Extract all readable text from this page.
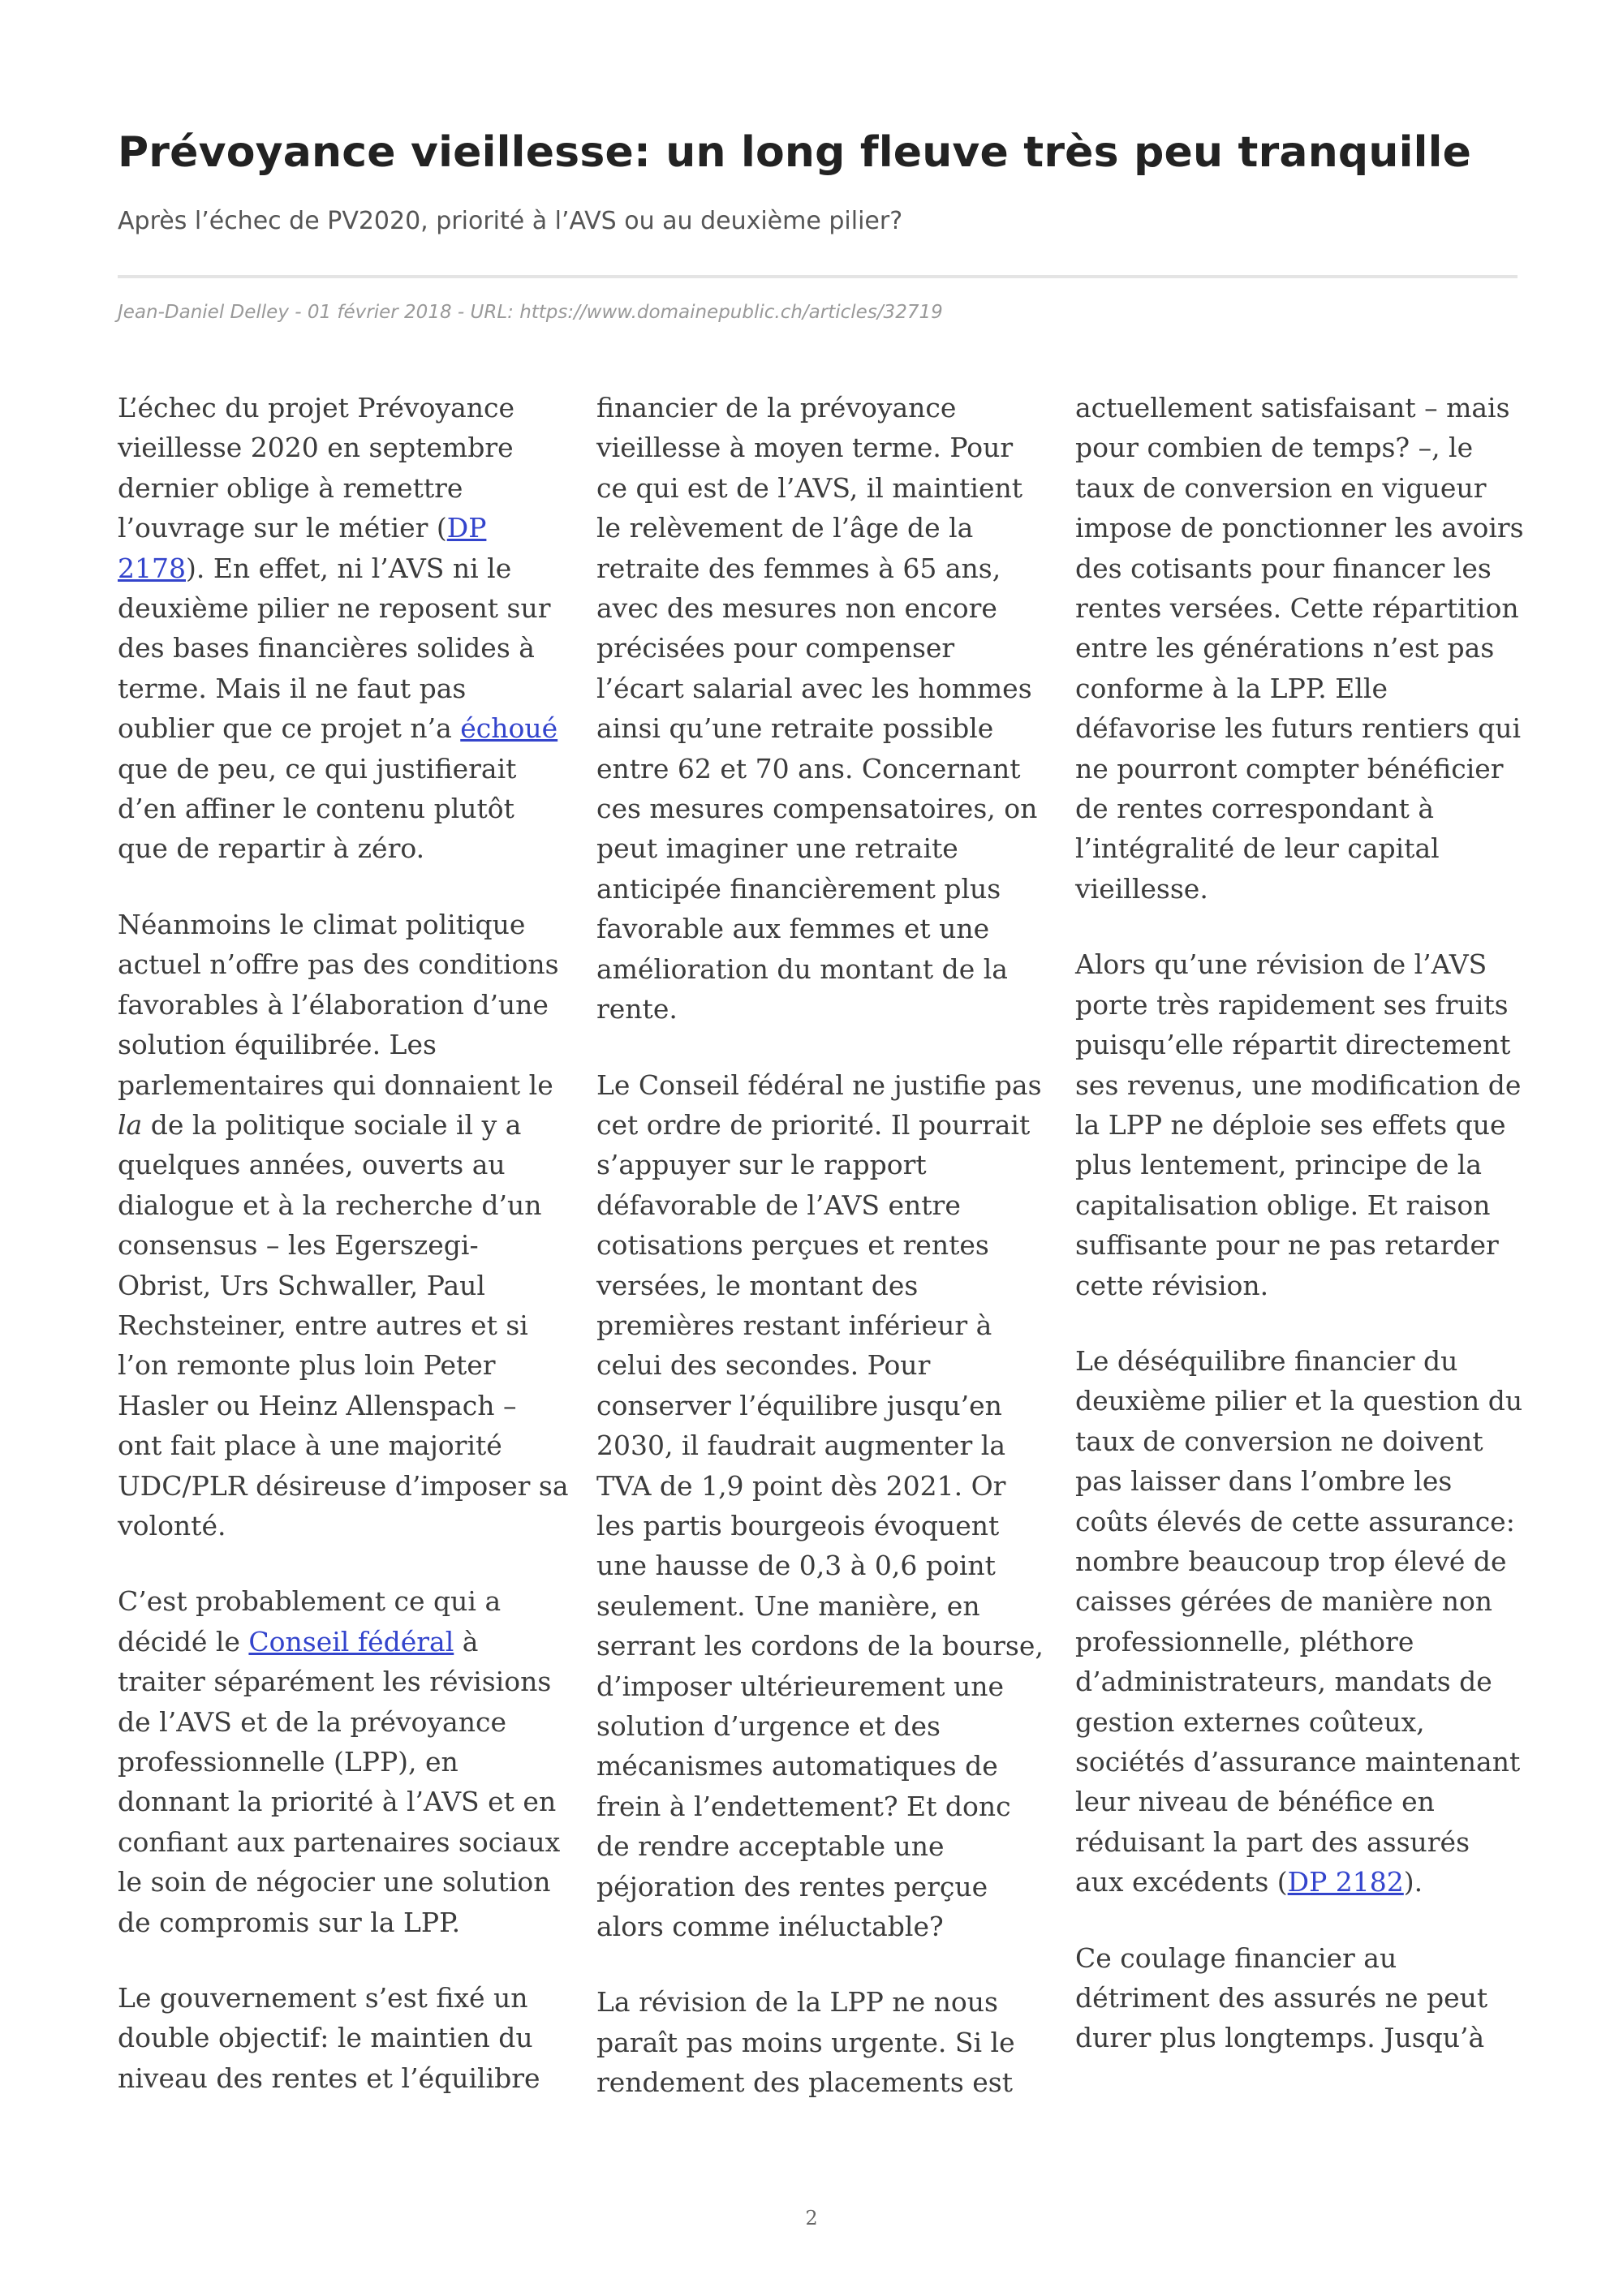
Prévoyance vieillesse: un long fleuve très peu tranquille

Après l’échec de PV2020, priorité à l’AVS ou au deuxième pilier?

Jean-Daniel Delley - 01 février 2018 - URL: https://www.domainepublic.ch/articles/32719

L’échec du projet Prévoyance vieillesse 2020 en septembre dernier oblige à remettre l’ouvrage sur le métier (DP 2178). En effet, ni l’AVS ni le deuxième pilier ne reposent sur des bases financières solides à terme. Mais il ne faut pas oublier que ce projet n’a échoué que de peu, ce qui justifierait d’en affiner le contenu plutôt que de repartir à zéro.

Néanmoins le climat politique actuel n’offre pas des conditions favorables à l’élaboration d’une solution équilibrée. Les parlementaires qui donnaient le la de la politique sociale il y a quelques années, ouverts au dialogue et à la recherche d’un consensus – les Egerszegi-Obrist, Urs Schwaller, Paul Rechsteiner, entre autres et si l’on remonte plus loin Peter Hasler ou Heinz Allenspach – ont fait place à une majorité UDC/PLR désireuse d’imposer sa volonté.

C’est probablement ce qui a décidé le Conseil fédéral à traiter séparément les révisions de l’AVS et de la prévoyance professionnelle (LPP), en donnant la priorité à l’AVS et en confiant aux partenaires sociaux le soin de négocier une solution de compromis sur la LPP.

Le gouvernement s’est fixé un double objectif: le maintien du niveau des rentes et l’équilibre

financier de la prévoyance vieillesse à moyen terme. Pour ce qui est de l’AVS, il maintient le relèvement de l’âge de la retraite des femmes à 65 ans, avec des mesures non encore précisées pour compenser l’écart salarial avec les hommes ainsi qu’une retraite possible entre 62 et 70 ans. Concernant ces mesures compensatoires, on peut imaginer une retraite anticipée financièrement plus favorable aux femmes et une amélioration du montant de la rente.

Le Conseil fédéral ne justifie pas cet ordre de priorité. Il pourrait s’appuyer sur le rapport défavorable de l’AVS entre cotisations perçues et rentes versées, le montant des premières restant inférieur à celui des secondes. Pour conserver l’équilibre jusqu’en 2030, il faudrait augmenter la TVA de 1,9 point dès 2021. Or les partis bourgeois évoquent une hausse de 0,3 à 0,6 point seulement. Une manière, en serrant les cordons de la bourse, d’imposer ultérieurement une solution d’urgence et des mécanismes automatiques de frein à l’endettement? Et donc de rendre acceptable une péjoration des rentes perçue alors comme inéluctable?

La révision de la LPP ne nous paraît pas moins urgente. Si le rendement des placements est

actuellement satisfaisant – mais pour combien de temps? –, le taux de conversion en vigueur impose de ponctionner les avoirs des cotisants pour financer les rentes versées. Cette répartition entre les générations n’est pas conforme à la LPP. Elle défavorise les futurs rentiers qui ne pourront compter bénéficier de rentes correspondant à l’intégralité de leur capital vieillesse.

Alors qu’une révision de l’AVS porte très rapidement ses fruits puisqu’elle répartit directement ses revenus, une modification de la LPP ne déploie ses effets que plus lentement, principe de la capitalisation oblige. Et raison suffisante pour ne pas retarder cette révision.

Le déséquilibre financier du deuxième pilier et la question du taux de conversion ne doivent pas laisser dans l’ombre les coûts élevés de cette assurance: nombre beaucoup trop élevé de caisses gérées de manière non professionnelle, pléthore d’administrateurs, mandats de gestion externes coûteux, sociétés d’assurance maintenant leur niveau de bénéfice en réduisant la part des assurés aux excédents (DP 2182).

Ce coulage financier au détriment des assurés ne peut durer plus longtemps. Jusqu’à

2
